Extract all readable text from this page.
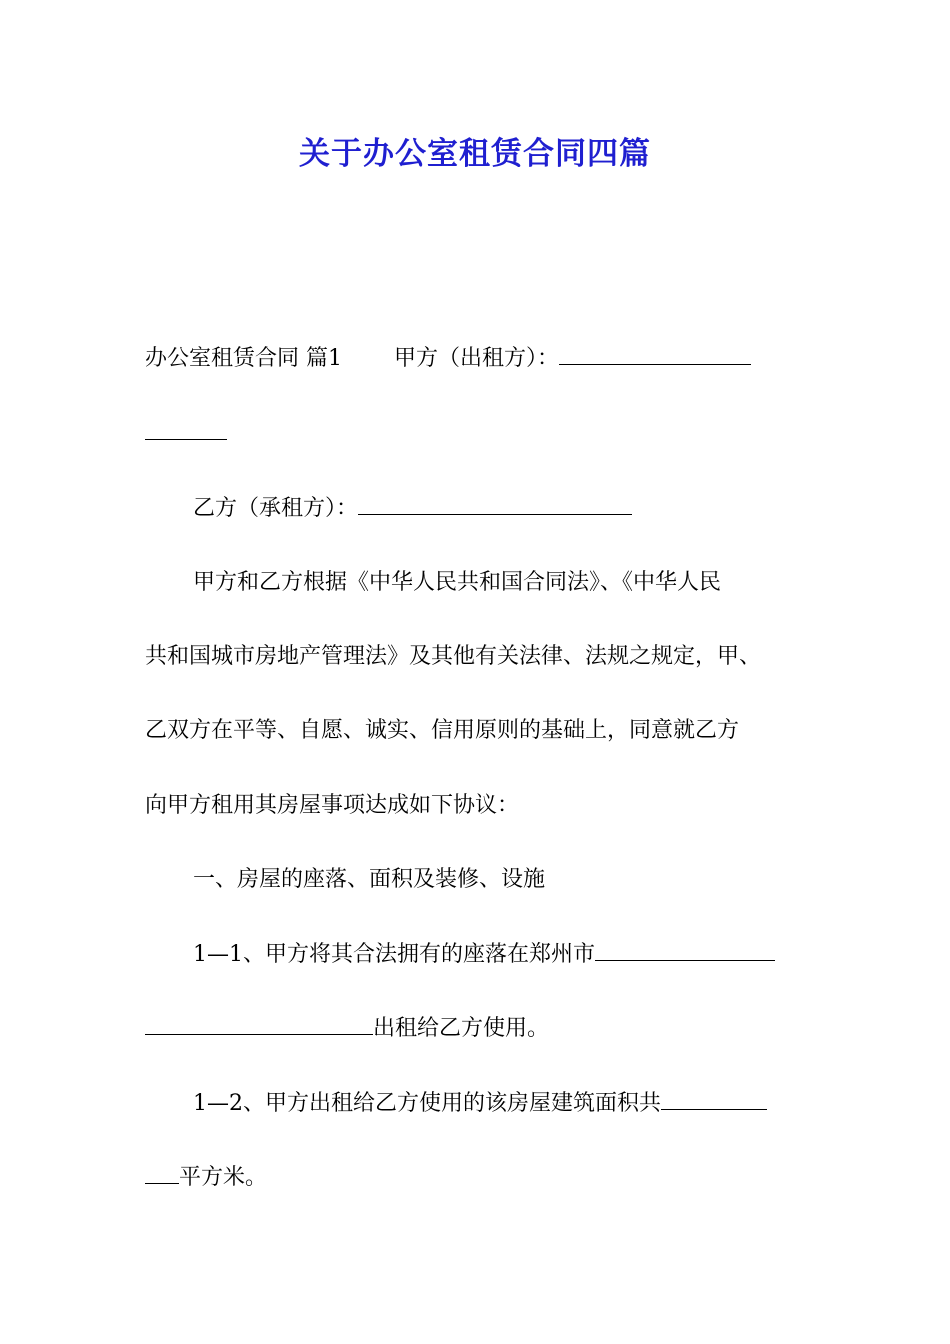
关于办公室租赁合同四篇
办公室租赁合同 篇1 甲方（出租方）：
乙方（承租方）：
甲方和乙方根据《中华人民共和国合同法》、《中华人民
共和国城市房地产管理法》及其他有关法律、法规之规定，甲、
乙双方在平等、自愿、诚实、信用原则的基础上，同意就乙方
向甲方租用其房屋事项达成如下协议：
一、房屋的座落、面积及装修、设施
1—1、甲方将其合法拥有的座落在郑州市
出租给乙方使用。
1—2、甲方出租给乙方使用的该房屋建筑面积共
平方米。
